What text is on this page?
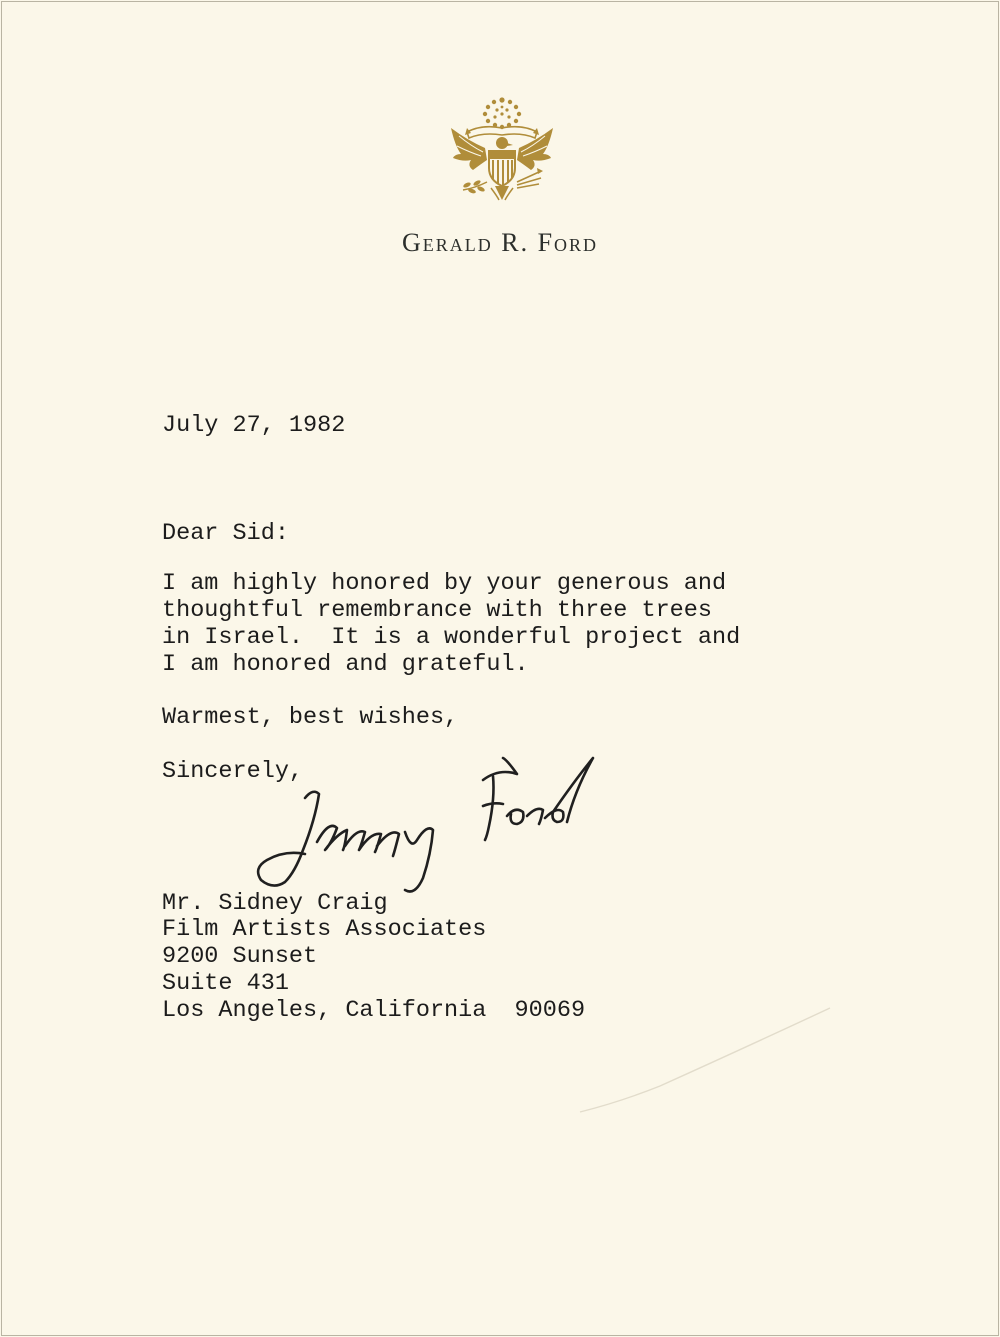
Gerald R. Ford
July 27, 1982
Dear Sid:
I am highly honored by your generous and
thoughtful remembrance with three trees
in Israel.  It is a wonderful project and
I am honored and grateful.
Warmest, best wishes,
Sincerely,
Mr. Sidney Craig
Film Artists Associates
9200 Sunset
Suite 431
Los Angeles, California  90069
